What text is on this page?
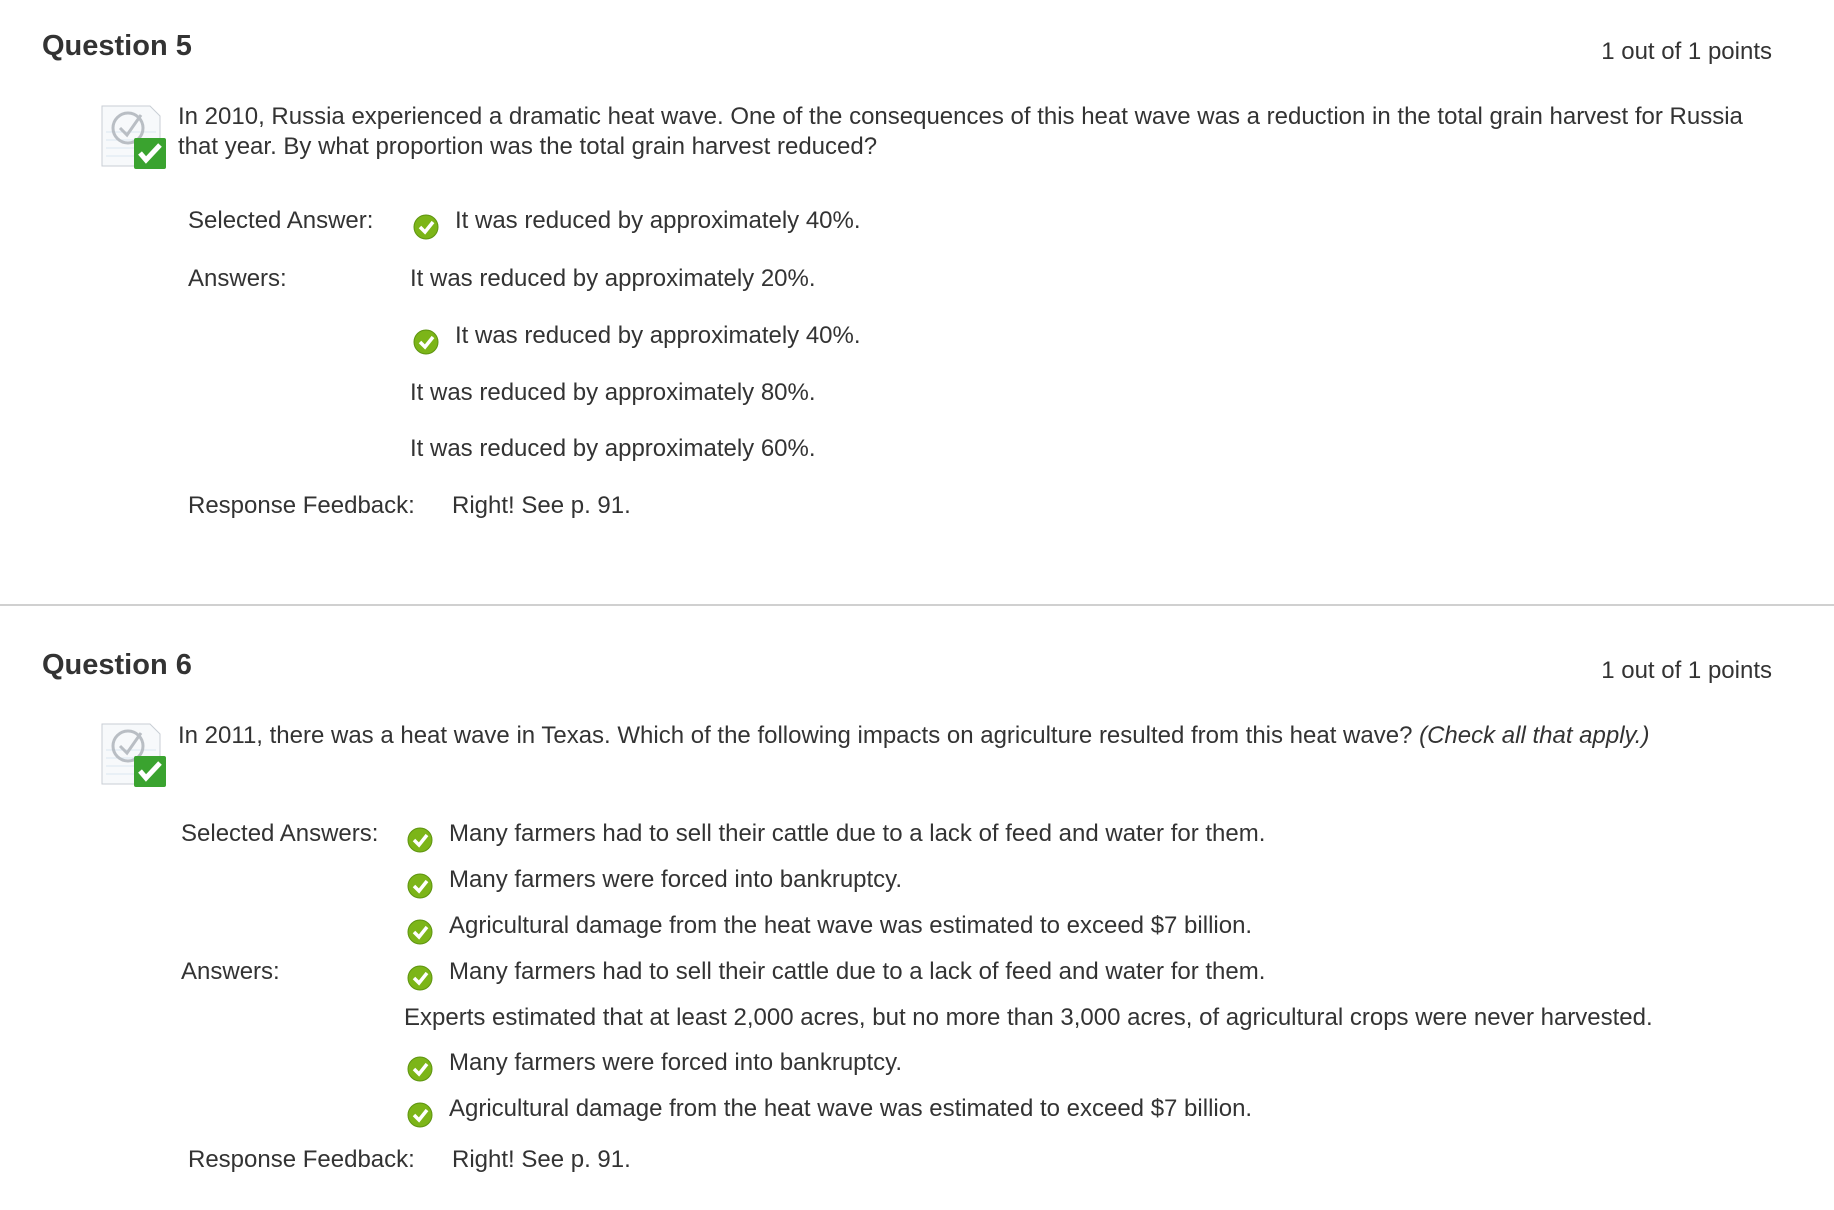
Question 5	1 out of 1 points
In 2010, Russia experienced a dramatic heat wave. One of the consequences of this heat wave was a reduction in the total grain harvest for Russia that year. By what proportion was the total grain harvest reduced?
Selected Answer:
Answers:
It was reduced by approximately 40%.
It was reduced by approximately 20%.
It was reduced by approximately 40%.
It was reduced by approximately 80%.
It was reduced by approximately 60%.
Response Feedback: Right! See p. 91.
Question 6	1 out of 1 points
In 2011, there was a heat wave in Texas. Which of the following impacts on agriculture resulted from this heat wave? (Check all that apply.)
Selected Answers:
Answers:
Many farmers had to sell their cattle due to a lack of feed and water for them.
Many farmers were forced into bankruptcy.
Agricultural damage from the heat wave was estimated to exceed $7 billion.
Many farmers had to sell their cattle due to a lack of feed and water for them.
Experts estimated that at least 2,000 acres, but no more than 3,000 acres, of agricultural crops were never harvested.
Many farmers were forced into bankruptcy.
Agricultural damage from the heat wave was estimated to exceed $7 billion.
Response Feedback: Right! See p. 91.
